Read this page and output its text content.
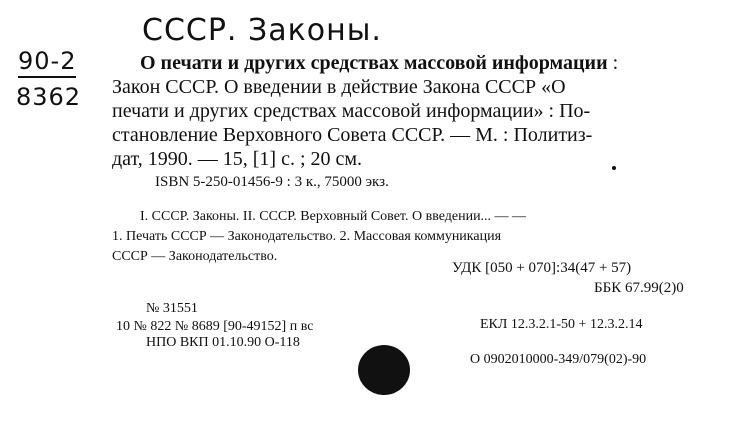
СССР. Законы.
90-2
8362
О печати и других средствах массовой информации :
Закон СССР. О введении в действие Закона СССР «О
печати и других средствах массовой информации» : По-
становление Верховного Совета СССР. — М. : Политиз-
дат, 1990. — 15, [1] с. ; 20 см.
ISBN 5-250-01456-9 : 3 к., 75000 экз.
I. СССР. Законы. II. СССР. Верховный Совет. О введении... — —
1. Печать СССР — Законодательство. 2. Массовая коммуникация
СССР — Законодательство.
УДК [050 + 070]:34(47 + 57)
ББК 67.99(2)0
№ 31551
10 № 822 № 8689 [90-49152] п вс
НПО ВКП 01.10.90 О-118
ЕКЛ 12.3.2.1-50 + 12.3.2.14
О 0902010000-349/079(02)-90
